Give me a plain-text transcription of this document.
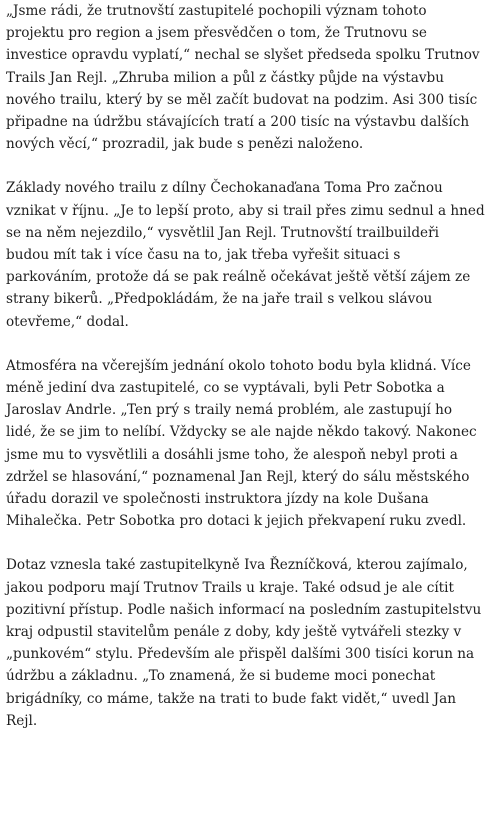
„Jsme rádi, že trutnovští zastupitelé pochopili význam tohoto projektu pro region a jsem přesvědčen o tom, že Trutnovu se investice opravdu vyplatí,“ nechal se slyšet předseda spolku Trutnov Trails Jan Rejl. „Zhruba milion a půl z částky půjde na výstavbu nového trailu, který by se měl začít budovat na podzim. Asi 300 tisíc připadne na údržbu stávajících tratí a 200 tisíc na výstavbu dalších nových věcí,“ prozradil, jak bude s penězi naloženo.

Základy nového trailu z dílny Čechokanaďana Toma Pro začnou vznikat v říjnu. „Je to lepší proto, aby si trail přes zimu sednul a hned se na něm nejezdilo,“ vysvětlil Jan Rejl. Trutnovští trailbuildeři budou mít tak i více času na to, jak třeba vyřešit situaci s parkováním, protože dá se pak reálně očekávat ještě větší zájem ze strany bikerů. „Předpokládám, že na jaře trail s velkou slávou otevřeme,“ dodal.

Atmosféra na včerejším jednání okolo tohoto bodu byla klidná. Více méně jediní dva zastupitelé, co se vyptávali, byli Petr Sobotka a Jaroslav Andrle. „Ten prý s traily nemá problém, ale zastupují ho lidé, že se jim to nelíbí. Vždycky se ale najde někdo takový. Nakonec jsme mu to vysvětlili a dosáhli jsme toho, že alespoň nebyl proti a zdržel se hlasování,“ poznamenal Jan Rejl, který do sálu městského úřadu dorazil ve společnosti instruktora jízdy na kole Dušana Mihalečka. Petr Sobotka pro dotaci k jejich překvapení ruku zvedl.

Dotaz vznesla také zastupitelkyně Iva Řezníčková, kterou zajímalo, jakou podporu mají Trutnov Trails u kraje. Také odsud je ale cítit pozitivní přístup. Podle našich informací na posledním zastupitelstvu kraj odpustil stavitelům penále z doby, kdy ještě vytvářeli stezky v „punkovém“ stylu. Především ale přispěl dalšími 300 tisíci korun na údržbu a základnu. „To znamená, že si budeme moci ponechat brigádníky, co máme, takže na trati to bude fakt vidět,“ uvedl Jan Rejl.
